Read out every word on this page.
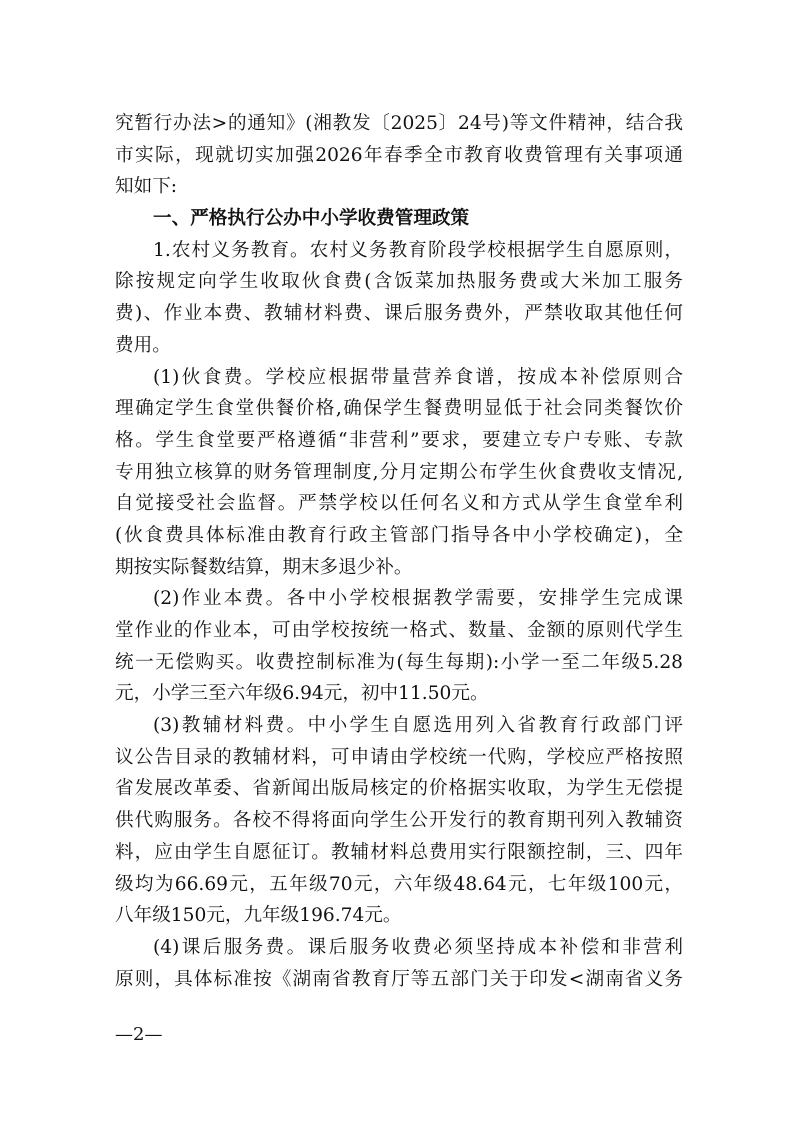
究暂行办法>的通知》(湘教发〔2025〕24号)等文件精神，结合我
市实际，现就切实加强2026年春季全市教育收费管理有关事项通
知如下:
一、严格执行公办中小学收费管理政策
1.农村义务教育。农村义务教育阶段学校根据学生自愿原则，
除按规定向学生收取伙食费(含饭菜加热服务费或大米加工服务
费)、作业本费、教辅材料费、课后服务费外，严禁收取其他任何
费用。
(1)伙食费。学校应根据带量营养食谱，按成本补偿原则合
理确定学生食堂供餐价格,确保学生餐费明显低于社会同类餐饮价
格。学生食堂要严格遵循“非营利”要求，要建立专户专账、专款
专用独立核算的财务管理制度,分月定期公布学生伙食费收支情况,
自觉接受社会监督。严禁学校以任何名义和方式从学生食堂牟利
(伙食费具体标准由教育行政主管部门指导各中小学校确定)，全
期按实际餐数结算，期末多退少补。
(2)作业本费。各中小学校根据教学需要，安排学生完成课
堂作业的作业本，可由学校按统一格式、数量、金额的原则代学生
统一无偿购买。收费控制标准为(每生每期):小学一至二年级5.28
元，小学三至六年级6.94元，初中11.50元。
(3)教辅材料费。中小学生自愿选用列入省教育行政部门评
议公告目录的教辅材料，可申请由学校统一代购，学校应严格按照
省发展改革委、省新闻出版局核定的价格据实收取，为学生无偿提
供代购服务。各校不得将面向学生公开发行的教育期刊列入教辅资
料，应由学生自愿征订。教辅材料总费用实行限额控制，三、四年
级均为66.69元，五年级70元，六年级48.64元，七年级100元，
八年级150元，九年级196.74元。
(4)课后服务费。课后服务收费必须坚持成本补偿和非营利
原则，具体标准按《湖南省教育厅等五部门关于印发<湖南省义务
—2—
